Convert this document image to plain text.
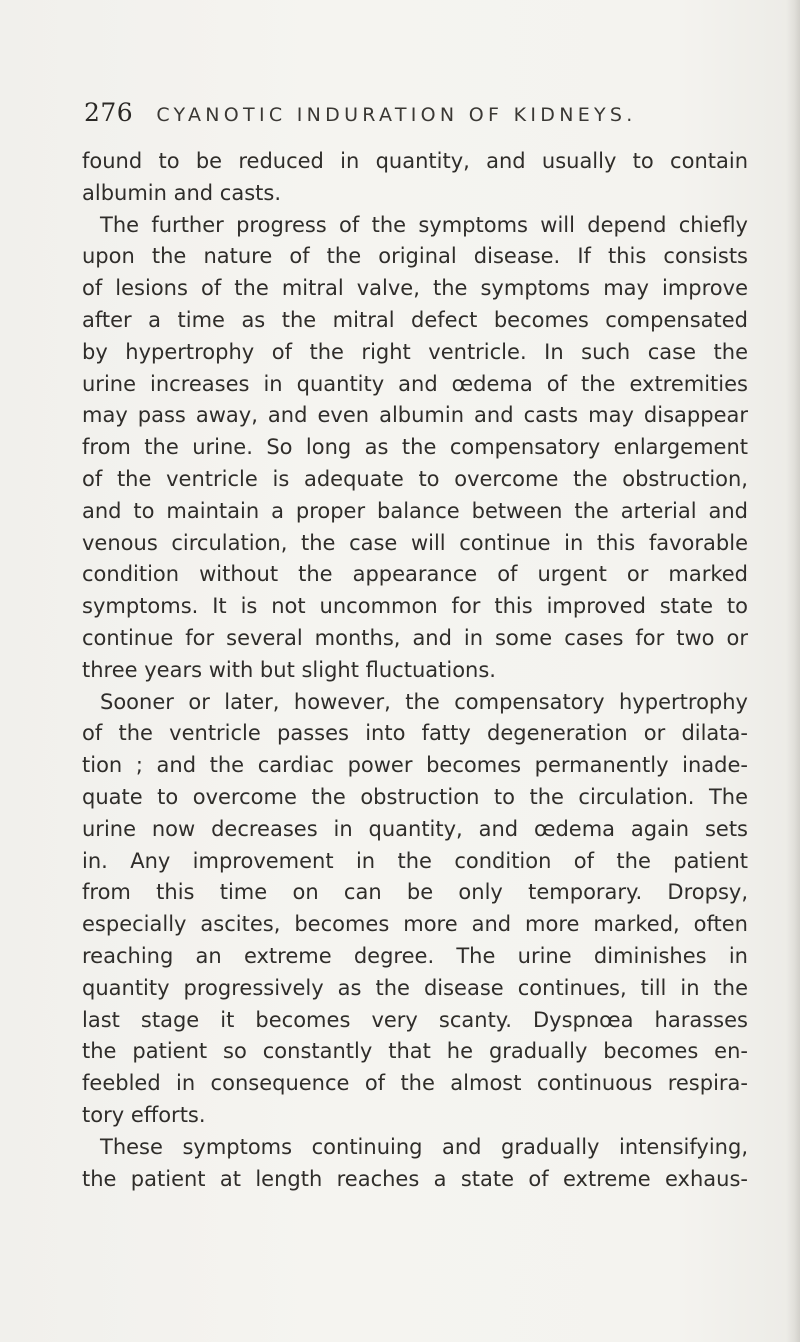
276 CYANOTIC INDURATION OF KIDNEYS.
found to be reduced in quantity, and usually to contain
albumin and casts.
The further progress of the symptoms will depend chiefly
upon the nature of the original disease. If this consists
of lesions of the mitral valve, the symptoms may improve
after a time as the mitral defect becomes compensated
by hypertrophy of the right ventricle. In such case the
urine increases in quantity and œdema of the extremities
may pass away, and even albumin and casts may disappear
from the urine. So long as the compensatory enlargement
of the ventricle is adequate to overcome the obstruction,
and to maintain a proper balance between the arterial and
venous circulation, the case will continue in this favorable
condition without the appearance of urgent or marked
symptoms. It is not uncommon for this improved state to
continue for several months, and in some cases for two or
three years with but slight fluctuations.
Sooner or later, however, the compensatory hypertrophy
of the ventricle passes into fatty degeneration or dilata-
tion ; and the cardiac power becomes permanently inade-
quate to overcome the obstruction to the circulation. The
urine now decreases in quantity, and œdema again sets
in. Any improvement in the condition of the patient
from this time on can be only temporary. Dropsy,
especially ascites, becomes more and more marked, often
reaching an extreme degree. The urine diminishes in
quantity progressively as the disease continues, till in the
last stage it becomes very scanty. Dyspnœa harasses
the patient so constantly that he gradually becomes en-
feebled in consequence of the almost continuous respira-
tory efforts.
These symptoms continuing and gradually intensifying,
the patient at length reaches a state of extreme exhaus-
